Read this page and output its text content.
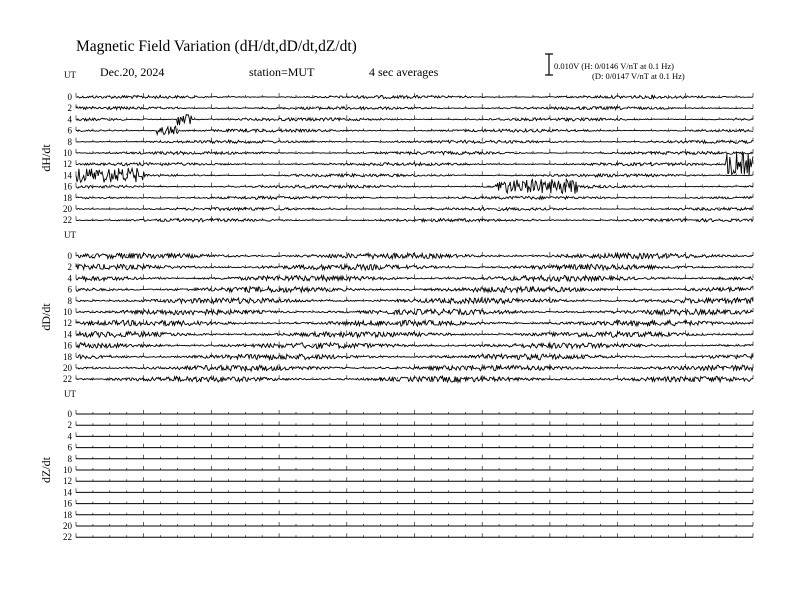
Magnetic Field Variation (dH/dt,dD/dt,dZ/dt)
Dec.20, 2024	station=MUT	4 sec averages	0.010V (H: 0/0146 V/nT at 0.1 Hz)
(D: 0/0147 V/nT at 0.1 Hz)
UT
dH/dt
0
2
4
6
8
10
12
14
16
18
20
22
UT
dD/dt
0
2
4
6
8
10
12
14
16
18
20
22
UT
dZ/dt
0
2
4
6
8
10
12
14
16
18
20
22
